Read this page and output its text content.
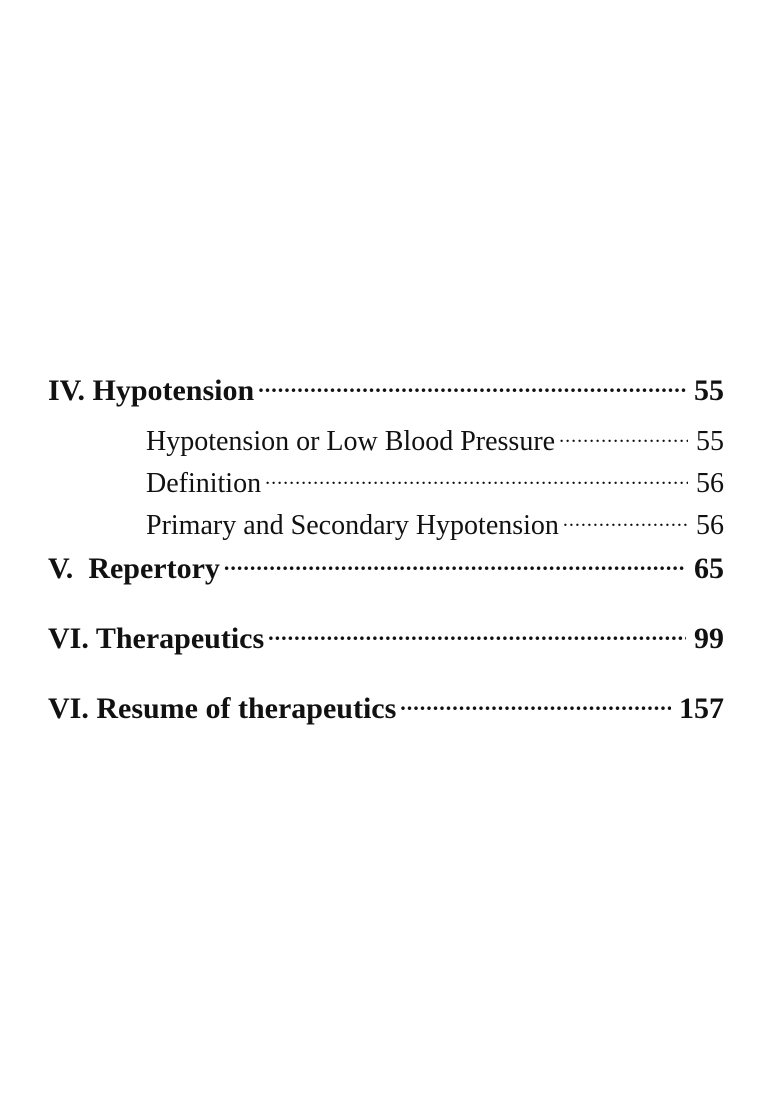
IV. Hypotension .....	55
Hypotension or Low Blood Pressure .....	55
Definition .....	56
Primary and Secondary Hypotension .....	56
V. Repertory .....	65
VI. Therapeutics .....	99
VI. Resume of therapeutics .....	157
